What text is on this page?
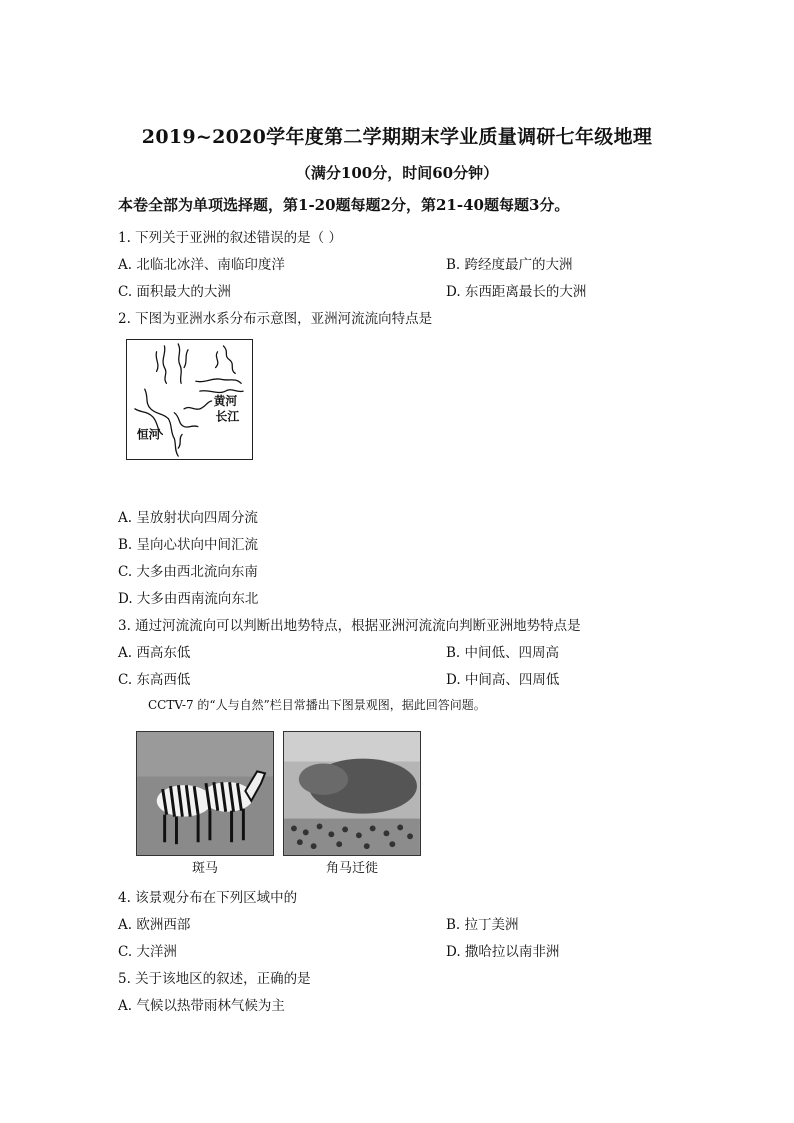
2019~2020学年度第二学期期末学业质量调研七年级地理
（满分100分，时间60分钟）
本卷全部为单项选择题，第1-20题每题2分，第21-40题每题3分。
1. 下列关于亚洲的叙述错误的是（ ）
A. 北临北冰洋、南临印度洋	B. 跨经度最广的大洲
C. 面积最大的大洲	D. 东西距离最长的大洲
2. 下图为亚洲水系分布示意图，亚洲河流流向特点是
黄河
长江
恒河
A. 呈放射状向四周分流
B. 呈向心状向中间汇流
C. 大多由西北流向东南
D. 大多由西南流向东北
3. 通过河流流向可以判断出地势特点，根据亚洲河流流向判断亚洲地势特点是
A. 西高东低	B. 中间低、四周高
C. 东高西低	D. 中间高、四周低
CCTV-7 的“人与自然”栏目常播出下图景观图，据此回答问题。
斑马	角马迁徙
4. 该景观分布在下列区域中的
A. 欧洲西部	B. 拉丁美洲
C. 大洋洲	D. 撒哈拉以南非洲
5. 关于该地区的叙述，正确的是
A. 气候以热带雨林气候为主
